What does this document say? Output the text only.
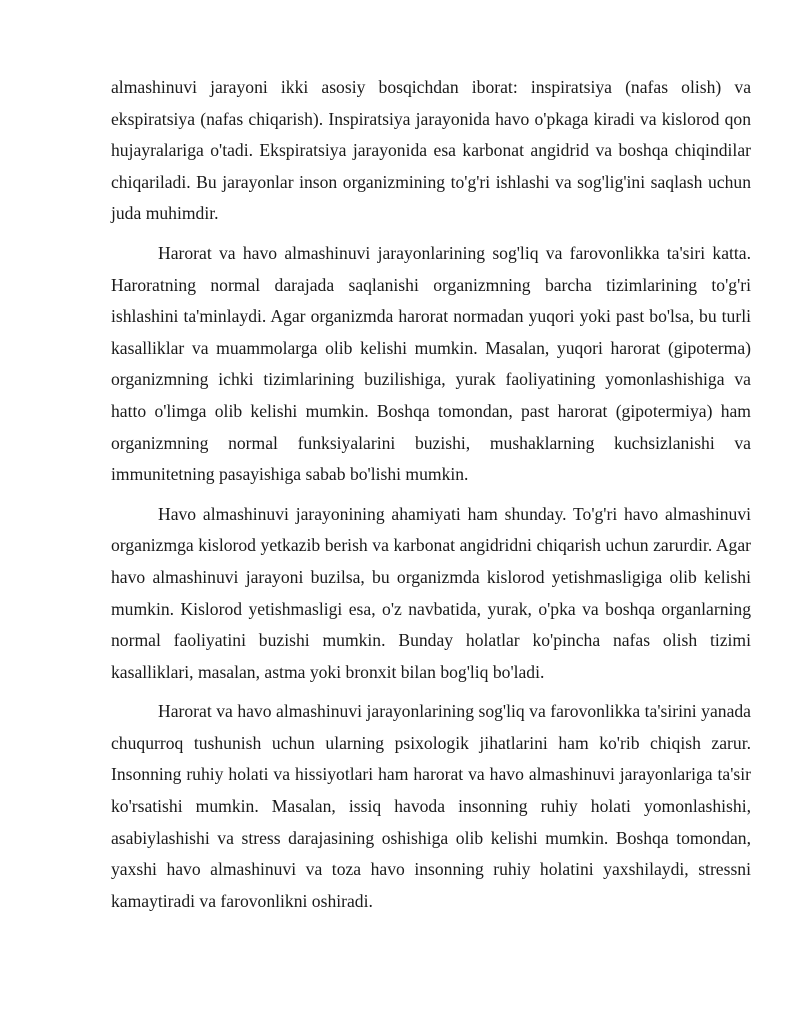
almashinuvi jarayoni ikki asosiy bosqichdan iborat: inspiratsiya (nafas olish) va ekspiratsiya (nafas chiqarish). Inspiratsiya jarayonida havo o'pkaga kiradi va kislorod qon hujayralariga o'tadi. Ekspiratsiya jarayonida esa karbonat angidrid va boshqa chiqindilar chiqariladi. Bu jarayonlar inson organizmining to'g'ri ishlashi va sog'lig'ini saqlash uchun juda muhimdir.

Harorat va havo almashinuvi jarayonlarining sog'liq va farovonlikka ta'siri katta. Haroratning normal darajada saqlanishi organizmning barcha tizimlarining to'g'ri ishlashini ta'minlaydi. Agar organizmda harorat normadan yuqori yoki past bo'lsa, bu turli kasalliklar va muammolarga olib kelishi mumkin. Masalan, yuqori harorat (gipoterma) organizmning ichki tizimlarining buzilishiga, yurak faoliyatining yomonlashishiga va hatto o'limga olib kelishi mumkin. Boshqa tomondan, past harorat (gipotermiya) ham organizmning normal funksiyalarini buzishi, mushaklarning kuchsizlanishi va immunitetning pasayishiga sabab bo'lishi mumkin.

Havo almashinuvi jarayonining ahamiyati ham shunday. To'g'ri havo almashinuvi organizmga kislorod yetkazib berish va karbonat angidridni chiqarish uchun zarurdir. Agar havo almashinuvi jarayoni buzilsa, bu organizmda kislorod yetishmasligiga olib kelishi mumkin. Kislorod yetishmasligi esa, o'z navbatida, yurak, o'pka va boshqa organlarning normal faoliyatini buzishi mumkin. Bunday holatlar ko'pincha nafas olish tizimi kasalliklari, masalan, astma yoki bronxit bilan bog'liq bo'ladi.

Harorat va havo almashinuvi jarayonlarining sog'liq va farovonlikka ta'sirini yanada chuqurroq tushunish uchun ularning psixologik jihatlarini ham ko'rib chiqish zarur. Insonning ruhiy holati va hissiyotlari ham harorat va havo almashinuvi jarayonlariga ta'sir ko'rsatishi mumkin. Masalan, issiq havoda insonning ruhiy holati yomonlashishi, asabiylashishi va stress darajasining oshishiga olib kelishi mumkin. Boshqa tomondan, yaxshi havo almashinuvi va toza havo insonning ruhiy holatini yaxshilaydi, stressni kamaytiradi va farovonlikni oshiradi.
